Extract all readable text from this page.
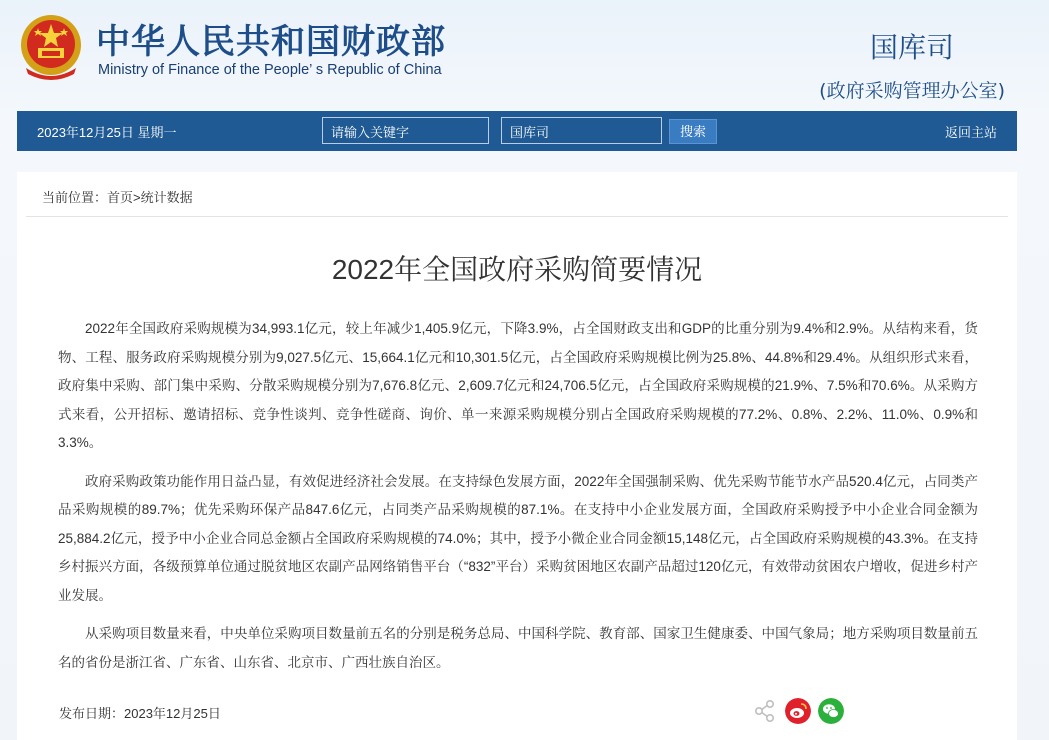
中华人民共和国财政部
Ministry of Finance of the People’ s Republic of China
国库司
(政府采购管理办公室)
2023年12月25日 星期一	请输入关键字	国库司	搜索	返回主站
当前位置：首页>统计数据
2022年全国政府采购简要情况

2022年全国政府采购规模为34,993.1亿元，较上年减少1,405.9亿元，下降3.9%，占全国财政支出和GDP的比重分别为9.4%和2.9%。从结构来看，货物、工程、服务政府采购规模分别为9,027.5亿元、15,664.1亿元和10,301.5亿元，占全国政府采购规模比例为25.8%、44.8%和29.4%。从组织形式来看，政府集中采购、部门集中采购、分散采购规模分别为7,676.8亿元、2,609.7亿元和24,706.5亿元，占全国政府采购规模的21.9%、7.5%和70.6%。从采购方式来看，公开招标、邀请招标、竞争性谈判、竞争性磋商、询价、单一来源采购规模分别占全国政府采购规模的77.2%、0.8%、2.2%、11.0%、0.9%和3.3%。

政府采购政策功能作用日益凸显，有效促进经济社会发展。在支持绿色发展方面，2022年全国强制采购、优先采购节能节水产品520.4亿元，占同类产品采购规模的89.7%；优先采购环保产品847.6亿元，占同类产品采购规模的87.1%。在支持中小企业发展方面，全国政府采购授予中小企业合同金额为25,884.2亿元，授予中小企业合同总金额占全国政府采购规模的74.0%；其中，授予小微企业合同金额15,148亿元，占全国政府采购规模的43.3%。在支持乡村振兴方面，各级预算单位通过脱贫地区农副产品网络销售平台（“832”平台）采购贫困地区农副产品超过120亿元，有效带动贫困农户增收，促进乡村产业发展。

从采购项目数量来看，中央单位采购项目数量前五名的分别是税务总局、中国科学院、教育部、国家卫生健康委、中国气象局；地方采购项目数量前五名的省份是浙江省、广东省、山东省、北京市、广西壮族自治区。

发布日期：2023年12月25日
